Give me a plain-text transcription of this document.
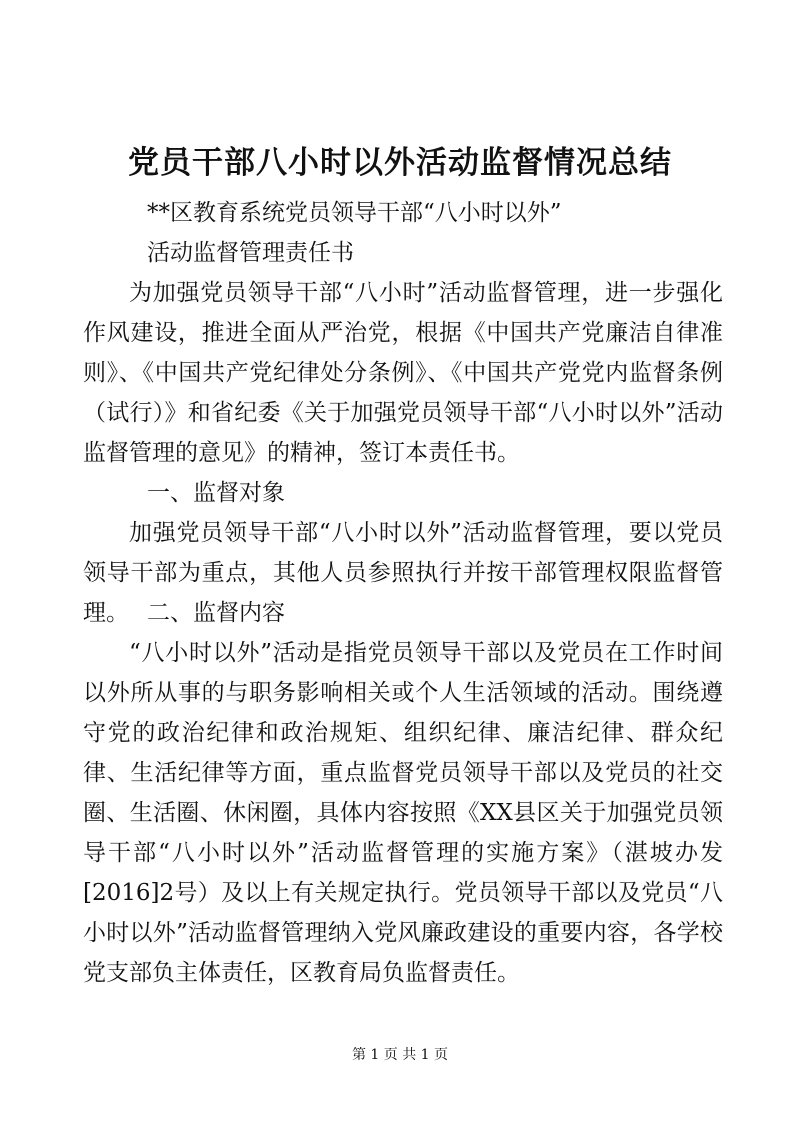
党员干部八小时以外活动监督情况总结
**区教育系统党员领导干部“八小时以外”
活动监督管理责任书

为加强党员领导干部“八小时”活动监督管理，进一步强化作风建设，推进全面从严治党，根据《中国共产党廉洁自律准则》、《中国共产党纪律处分条例》、《中国共产党党内监督条例（试行）》和省纪委《关于加强党员领导干部“八小时以外”活动监督管理的意见》的精神，签订本责任书。

一、监督对象

加强党员领导干部“八小时以外”活动监督管理，要以党员领导干部为重点，其他人员参照执行并按干部管理权限监督管理。 二、监督内容

“八小时以外”活动是指党员领导干部以及党员在工作时间以外所从事的与职务影响相关或个人生活领域的活动。围绕遵守党的政治纪律和政治规矩、组织纪律、廉洁纪律、群众纪律、生活纪律等方面，重点监督党员领导干部以及党员的社交圈、生活圈、休闲圈，具体内容按照《XX县区关于加强党员领导干部“八小时以外”活动监督管理的实施方案》（湛坡办发[2016]2号）及以上有关规定执行。党员领导干部以及党员“八小时以外”活动监督管理纳入党风廉政建设的重要内容，各学校党支部负主体责任，区教育局负监督责任。

第 1 页 共 1 页
